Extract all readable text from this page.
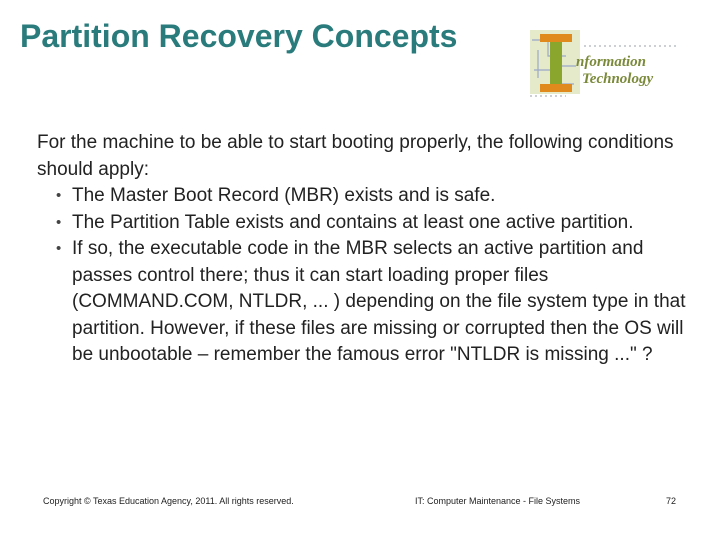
Partition Recovery Concepts
nformation
Technology

For the machine to be able to start booting properly, the following conditions should apply:

• The Master Boot Record (MBR) exists and is safe.
• The Partition Table exists and contains at least one active partition.
• If so, the executable code in the MBR selects an active partition and passes control there; thus it can start loading proper files (COMMAND.COM, NTLDR, ... ) depending on the file system type in that partition. However, if these files are missing or corrupted then the OS will be unbootable – remember the famous error "NTLDR is missing ..." ?
Copyright © Texas Education Agency, 2011. All rights reserved.	IT: Computer Maintenance - File Systems	72
